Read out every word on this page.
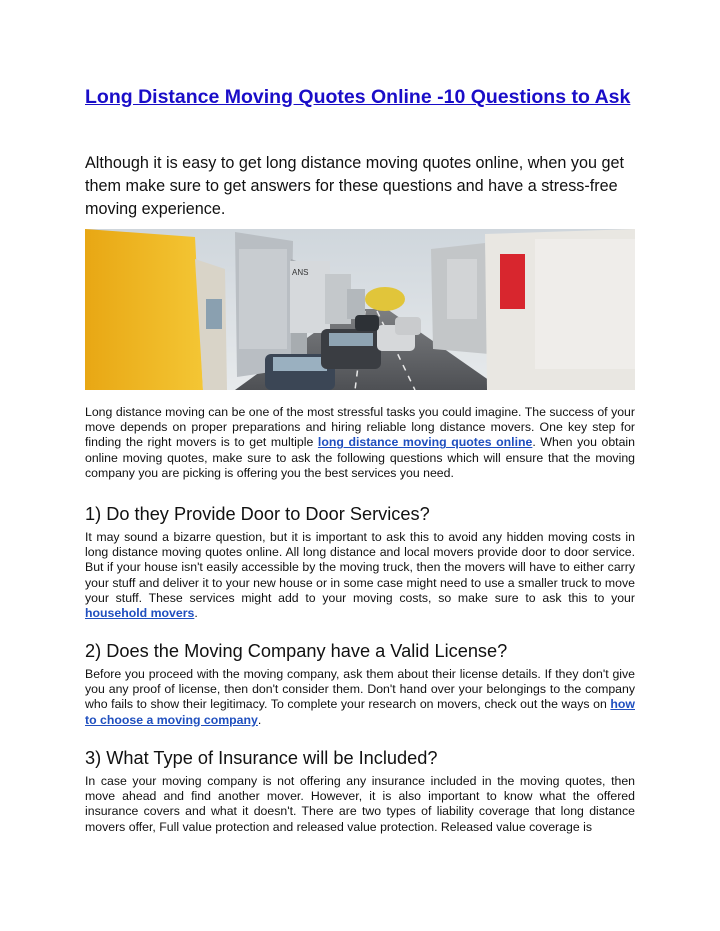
Long Distance Moving Quotes Online -10 Questions to Ask

Although it is easy to get long distance moving quotes online, when you get them make sure to get answers for these questions and have a stress-free moving experience.

ANS

Long distance moving can be one of the most stressful tasks you could imagine. The success of your move depends on proper preparations and hiring reliable long distance movers. One key step for finding the right movers is to get multiple long distance moving quotes online. When you obtain online moving quotes, make sure to ask the following questions which will ensure that the moving company you are picking is offering you the best services you need.

1) Do they Provide Door to Door Services?

It may sound a bizarre question, but it is important to ask this to avoid any hidden moving costs in long distance moving quotes online. All long distance and local movers provide door to door service. But if your house isn't easily accessible by the moving truck, then the movers will have to either carry your stuff and deliver it to your new house or in some case might need to use a smaller truck to move your stuff. These services might add to your moving costs, so make sure to ask this to your household movers.

2) Does the Moving Company have a Valid License?

Before you proceed with the moving company, ask them about their license details. If they don't give you any proof of license, then don't consider them. Don't hand over your belongings to the company who fails to show their legitimacy. To complete your research on movers, check out the ways on how to choose a moving company.

3) What Type of Insurance will be Included?

In case your moving company is not offering any insurance included in the moving quotes, then move ahead and find another mover. However, it is also important to know what the offered insurance covers and what it doesn't. There are two types of liability coverage that long distance movers offer, Full value protection and released value protection. Released value coverage is
